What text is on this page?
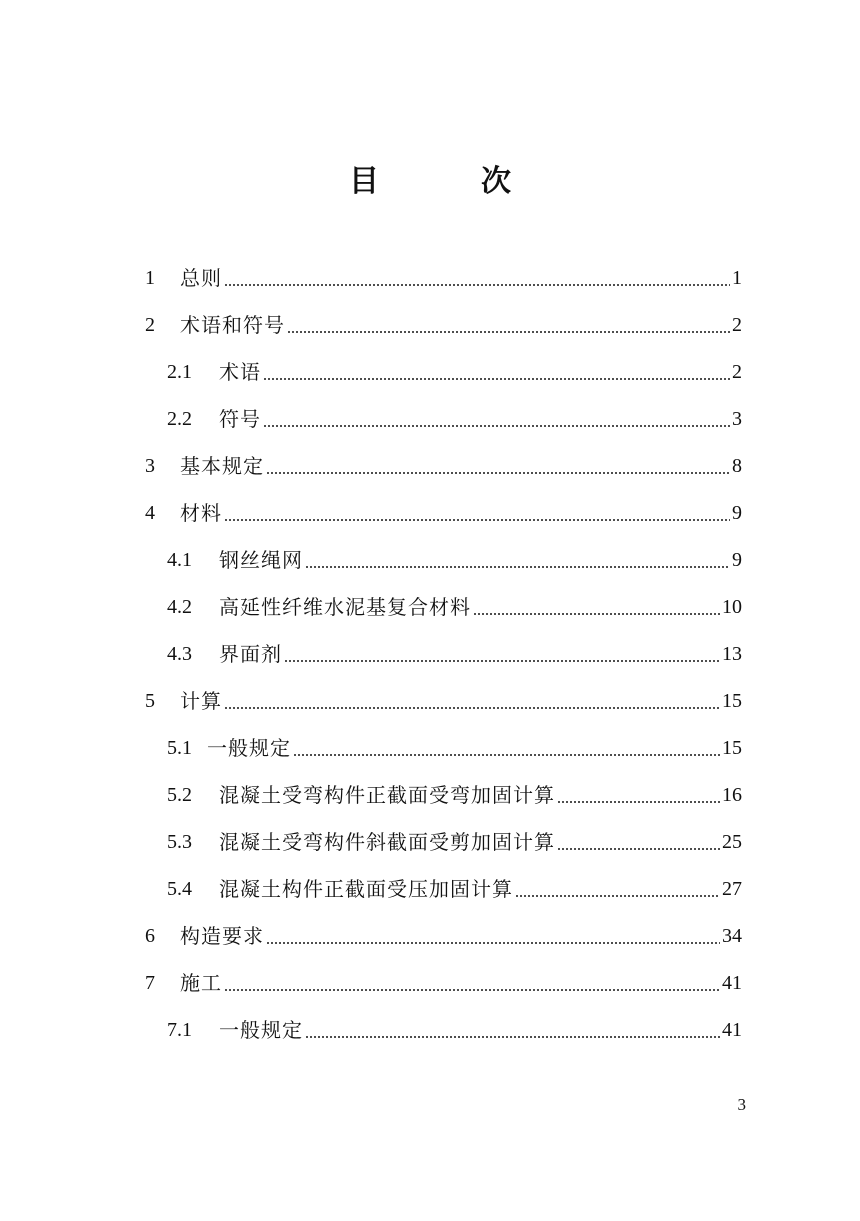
目　次
1	总则	1
2	术语和符号	2
2.1	术语	2
2.2	符号	3
3	基本规定	8
4	材料	9
4.1	钢丝绳网	9
4.2	高延性纤维水泥基复合材料	10
4.3	界面剂	13
5	计算	15
5.1 一般规定	15
5.2	混凝土受弯构件正截面受弯加固计算	16
5.3	混凝土受弯构件斜截面受剪加固计算	25
5.4	混凝土构件正截面受压加固计算	27
6	构造要求	34
7	施工	41
7.1	一般规定	41
3
